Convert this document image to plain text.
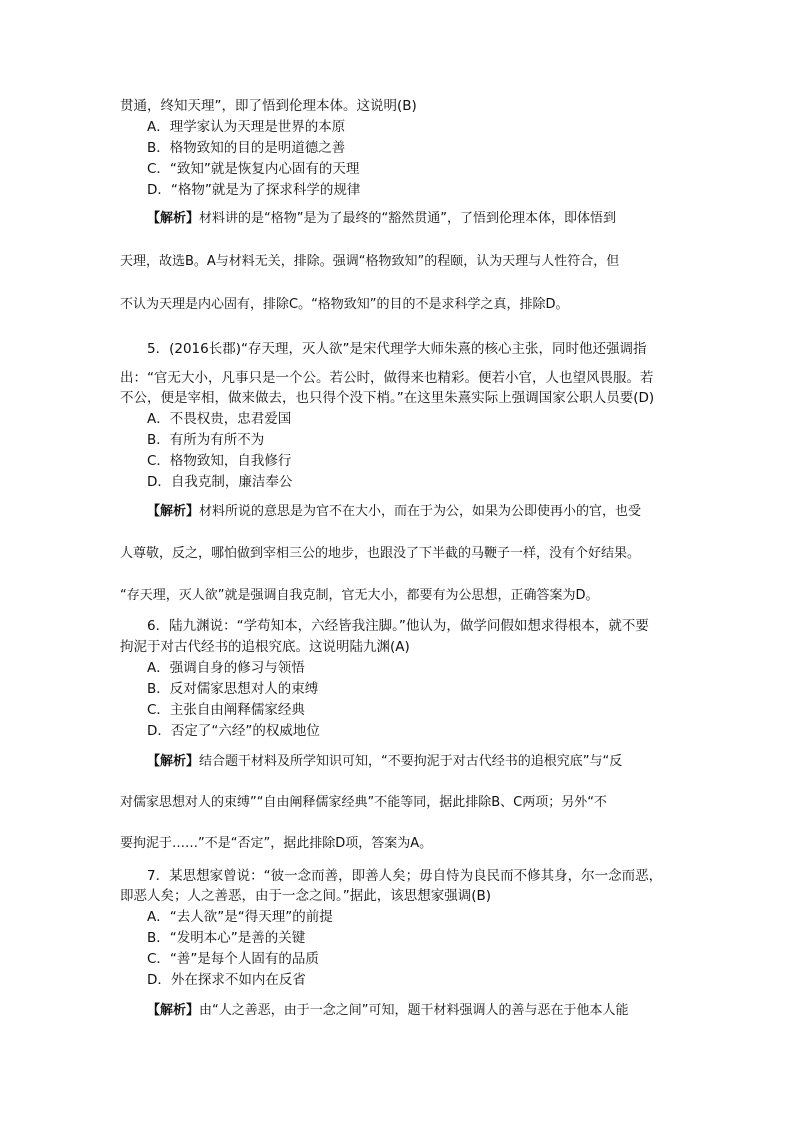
贯通，终知天理”，即了悟到伦理本体。这说明(B)
A．理学家认为天理是世界的本原
B．格物致知的目的是明道德之善
C．“致知”就是恢复内心固有的天理
D．“格物”就是为了探求科学的规律
【解析】材料讲的是“格物”是为了最终的“豁然贯通”，了悟到伦理本体，即体悟到
天理，故选B。A与材料无关，排除。强调“格物致知”的程颐，认为天理与人性符合，但
不认为天理是内心固有，排除C。“格物致知”的目的不是求科学之真，排除D。
5．(2016长郡)“存天理，灭人欲”是宋代理学大师朱熹的核心主张，同时他还强调指
出：“官无大小，凡事只是一个公。若公时，做得来也精彩。便若小官，人也望风畏服。若
不公，便是宰相，做来做去，也只得个没下梢。”在这里朱熹实际上强调国家公职人员要(D)
A．不畏权贵，忠君爱国
B．有所为有所不为
C．格物致知，自我修行
D．自我克制，廉洁奉公
【解析】材料所说的意思是为官不在大小，而在于为公，如果为公即使再小的官，也受
人尊敬，反之，哪怕做到宰相三公的地步，也跟没了下半截的马鞭子一样，没有个好结果。
“存天理，灭人欲”就是强调自我克制，官无大小，都要有为公思想，正确答案为D。
6．陆九渊说：“学苟知本，六经皆我注脚。”他认为，做学问假如想求得根本，就不要
拘泥于对古代经书的追根究底。这说明陆九渊(A)
A．强调自身的修习与领悟
B．反对儒家思想对人的束缚
C．主张自由阐释儒家经典
D．否定了“六经”的权威地位
【解析】结合题干材料及所学知识可知，“不要拘泥于对古代经书的追根究底”与“反
对儒家思想对人的束缚”“自由阐释儒家经典”不能等同，据此排除B、C两项；另外“不
要拘泥于……”不是“否定”，据此排除D项，答案为A。
7．某思想家曾说：“彼一念而善，即善人矣；毋自恃为良民而不修其身，尔一念而恶，
即恶人矣；人之善恶，由于一念之间。”据此，该思想家强调(B)
A．“去人欲”是“得天理”的前提
B．“发明本心”是善的关键
C．“善”是每个人固有的品质
D．外在探求不如内在反省
【解析】由“人之善恶，由于一念之间”可知，题干材料强调人的善与恶在于他本人能
